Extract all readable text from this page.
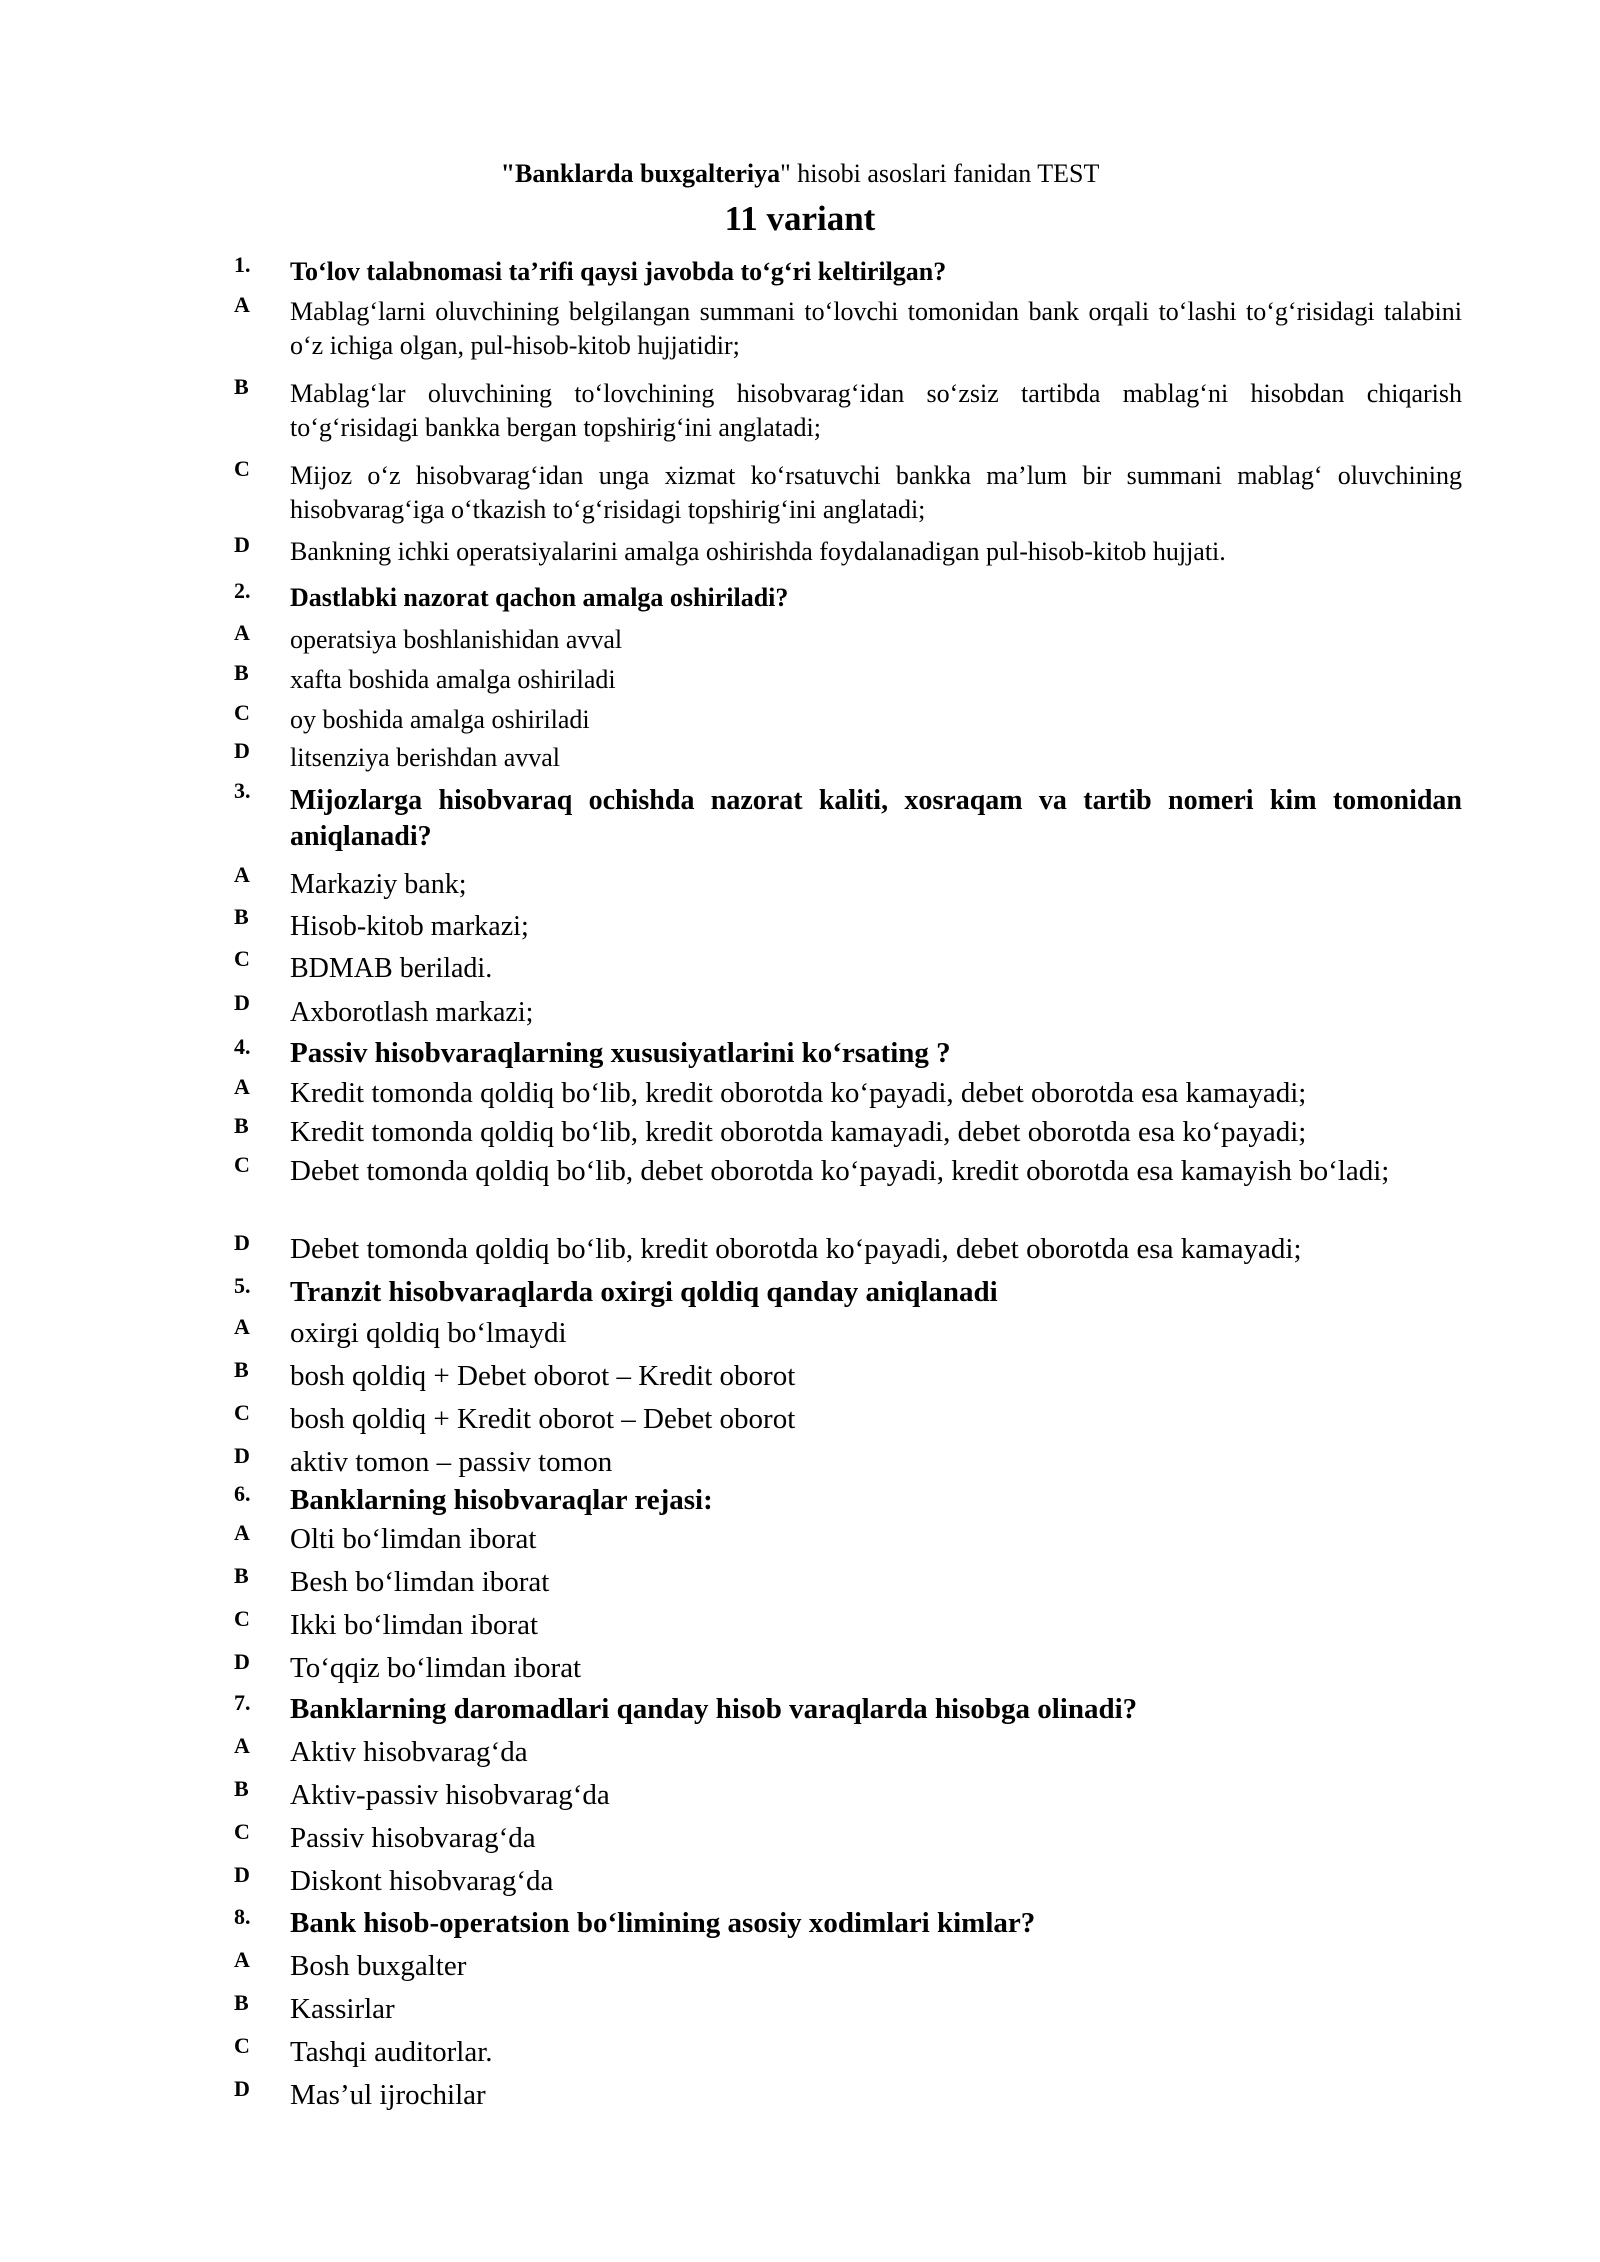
"Banklarda buxgalteriya" hisobi asoslari fanidan TEST
11 variant
1.	To‘lov talabnomasi ta’rifi qaysi javobda to‘g‘ri keltirilgan?
A	Mablag‘larni oluvchining belgilangan summani to‘lovchi tomonidan bank orqali to‘lashi to‘g‘risidagi talabini o‘z ichiga olgan, pul-hisob-kitob hujjatidir;
B	Mablag‘lar oluvchining to‘lovchining hisobvarag‘idan so‘zsiz tartibda mablag‘ni hisobdan chiqarish to‘g‘risidagi bankka bergan topshirig‘ini anglatadi;
C	Mijoz o‘z hisobvarag‘idan unga xizmat ko‘rsatuvchi bankka ma’lum bir summani mablag‘ oluvchining hisobvarag‘iga o‘tkazish to‘g‘risidagi topshirig‘ini anglatadi;
D	Bankning ichki operatsiyalarini amalga oshirishda foydalanadigan pul-hisob-kitob hujjati.
2.	Dastlabki nazorat qachon amalga oshiriladi?
A	operatsiya boshlanishidan avval
B	xafta boshida amalga oshiriladi
C	oy boshida amalga oshiriladi
D	litsenziya berishdan avval
3.	Mijozlarga hisobvaraq ochishda nazorat kaliti, xosraqam va tartib nomeri kim tomonidan aniqlanadi?
A	Markaziy bank;
B	Hisob-kitob markazi;
C	BDMAB beriladi.
D	Axborotlash markazi;
4.	Passiv hisobvaraqlarning xususiyatlarini ko‘rsating ?
A	Kredit tomonda qoldiq bo‘lib, kredit oborotda ko‘payadi, debet oborotda esa kamayadi;
B	Kredit tomonda qoldiq bo‘lib, kredit oborotda kamayadi, debet oborotda esa ko‘payadi;
C	Debet tomonda qoldiq bo‘lib, debet oborotda ko‘payadi, kredit oborotda esa kamayish bo‘ladi;
D	Debet tomonda qoldiq bo‘lib, kredit oborotda ko‘payadi, debet oborotda esa kamayadi;
5.	Tranzit hisobvaraqlarda oxirgi qoldiq qanday aniqlanadi
A	oxirgi qoldiq bo‘lmaydi
B	bosh qoldiq + Debet oborot – Kredit oborot
C	bosh qoldiq + Kredit oborot – Debet oborot
D	aktiv tomon – passiv tomon
6.	Banklarning hisobvaraqlar rejasi:
A	Olti bo‘limdan iborat
B	Besh bo‘limdan iborat
C	Ikki bo‘limdan iborat
D	To‘qqiz bo‘limdan iborat
7.	Banklarning daromadlari qanday hisob varaqlarda hisobga olinadi?
A	Aktiv hisobvarag‘da
B	Aktiv-passiv hisobvarag‘da
C	Passiv hisobvarag‘da
D	Diskont hisobvarag‘da
8.	Bank hisob-operatsion bo‘limining asosiy xodimlari kimlar?
A	Bosh buxgalter
B	Kassirlar
C	Tashqi auditorlar.
D	Mas’ul ijrochilar
